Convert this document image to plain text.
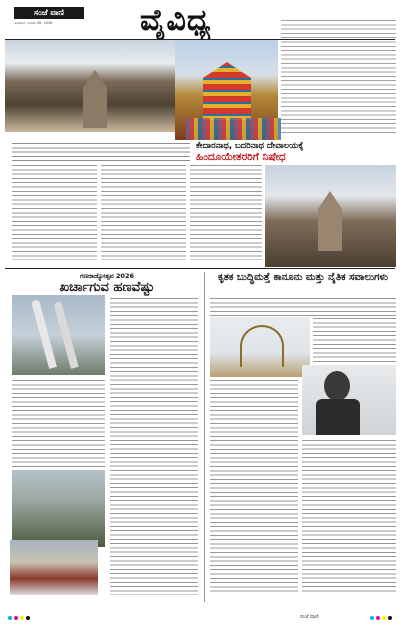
ಸಂಜೆ ವಾಣಿ
ಬುಧವಾರ, ಜನವರಿ 28, 2026	ವೈವಿಧ್ಯ

ಕೇದಾರನಾಥ, ಬದರಿನಾಥ ದೇವಾಲಯಕ್ಕೆ
ಹಿಂದೂಯೇತರರಿಗೆ ನಿಷೇಧ
ಗಣರಾಜ್ಯೋತ್ಸವ 2026
ಖರ್ಚಾಗುವ ಹಣವೆಷ್ಟು
ಕೃತಕ ಬುದ್ಧಿಮತ್ತೆ ಕಾನೂನು ಮತ್ತು ನೈತಿಕ ಸವಾಲುಗಳು
ಸಂಜೆ ವಾಣಿ
